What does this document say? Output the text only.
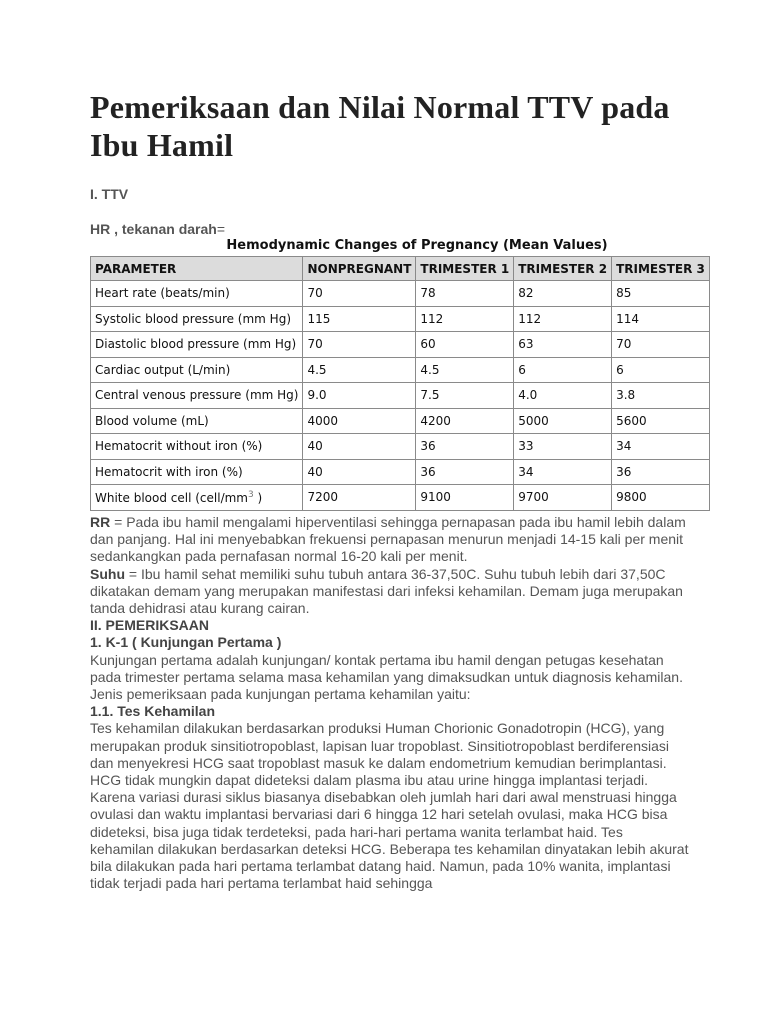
Pemeriksaan dan Nilai Normal TTV pada Ibu Hamil

I. TTV

HR , tekanan darah=

Hemodynamic Changes of Pregnancy (Mean Values)
PARAMETER	NONPREGNANT	TRIMESTER 1	TRIMESTER 2	TRIMESTER 3
Heart rate (beats/min)	70	78	82	85
Systolic blood pressure (mm Hg)	115	112	112	114
Diastolic blood pressure (mm Hg)	70	60	63	70
Cardiac output (L/min)	4.5	4.5	6	6
Central venous pressure (mm Hg)	9.0	7.5	4.0	3.8
Blood volume (mL)	4000	4200	5000	5600
Hematocrit without iron (%)	40	36	33	34
Hematocrit with iron (%)	40	36	34	36
White blood cell ($cell/mm^3$ )	7200	9100	9700	9800

RR = Pada ibu hamil mengalami hiperventilasi sehingga pernapasan pada ibu hamil lebih dalam dan panjang. Hal ini menyebabkan frekuensi pernapasan menurun menjadi 14-15 kali per menit sedankangkan pada pernafasan normal 16-20 kali per menit.

Suhu = Ibu hamil sehat memiliki suhu tubuh antara 36-37,50C. Suhu tubuh lebih dari 37,50C dikatakan demam yang merupakan manifestasi dari infeksi kehamilan. Demam juga merupakan tanda dehidrasi atau kurang cairan.

II. PEMERIKSAAN

1. K-1 ( Kunjungan Pertama )

Kunjungan pertama adalah kunjungan/ kontak pertama ibu hamil dengan petugas kesehatan pada trimester pertama selama masa kehamilan yang dimaksudkan untuk diagnosis kehamilan. Jenis pemeriksaan pada kunjungan pertama kehamilan yaitu:

1.1. Tes Kehamilan

Tes kehamilan dilakukan berdasarkan produksi Human Chorionic Gonadotropin (HCG), yang merupakan produk sinsitiotropoblast, lapisan luar tropoblast. Sinsitiotropoblast berdiferensiasi dan menyekresi HCG saat tropoblast masuk ke dalam endometrium kemudian berimplantasi. HCG tidak mungkin dapat dideteksi dalam plasma ibu atau urine hingga implantasi terjadi. Karena variasi durasi siklus biasanya disebabkan oleh jumlah hari dari awal menstruasi hingga ovulasi dan waktu implantasi bervariasi dari 6 hingga 12 hari setelah ovulasi, maka HCG bisa dideteksi, bisa juga tidak terdeteksi, pada hari-hari pertama wanita terlambat haid. Tes kehamilan dilakukan berdasarkan deteksi HCG. Beberapa tes kehamilan dinyatakan lebih akurat bila dilakukan pada hari pertama terlambat datang haid. Namun, pada 10% wanita, implantasi tidak terjadi pada hari pertama terlambat haid sehingga
